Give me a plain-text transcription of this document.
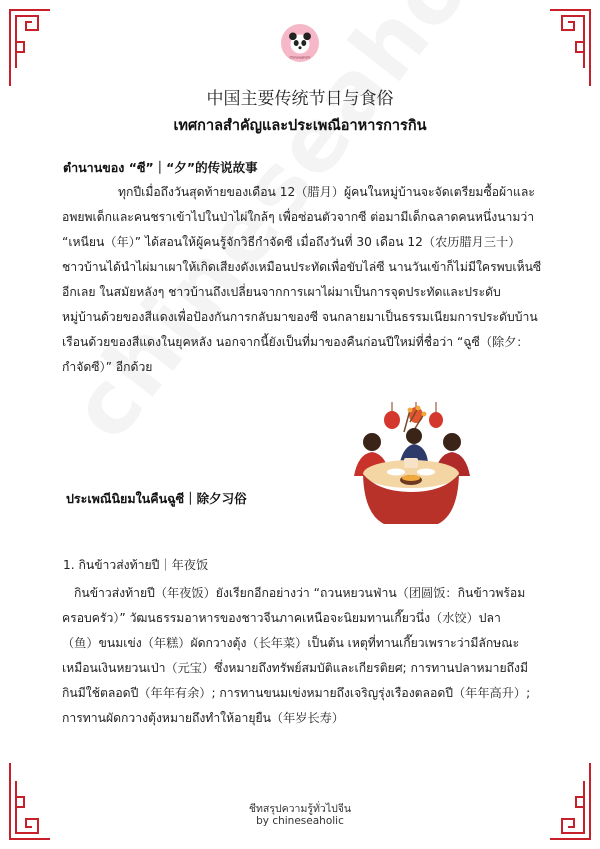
Chineseaholic
中国主要传统节日与食俗
เทศกาลสำคัญและประเพณีอาหารการกิน
ตำนานของ “ซี”｜“夕”的传说故事
ทุกปีเมื่อถึงวันสุดท้ายของเดือน 12（腊月）ผู้คนในหมู่บ้านจะจัดเตรียมซื้อผ้าและ
อพยพเด็กและคนชราเข้าไปในป่าไผ่ใกล้ๆ เพื่อซ่อนตัวจากซี ต่อมามีเด็กฉลาดคนหนึ่งนามว่า
“เหนียน（年）” ได้สอนให้ผู้คนรู้จักวิธีกำจัดซี เมื่อถึงวันที่ 30 เดือน 12（农历腊月三十）
ชาวบ้านได้นำไผ่มาเผาให้เกิดเสียงดังเหมือนประทัดเพื่อขับไล่ซี นานวันเข้าก็ไม่มีใครพบเห็นซี
อีกเลย ในสมัยหลังๆ ชาวบ้านถึงเปลี่ยนจากการเผาไผ่มาเป็นการจุดประทัดและประดับ
หมู่บ้านด้วยของสีแดงเพื่อป้องกันการกลับมาของซี จนกลายมาเป็นธรรมเนียมการประดับบ้าน
เรือนด้วยของสีแดงในยุคหลัง นอกจากนี้ยังเป็นที่มาของคืนก่อนปีใหม่ที่ชื่อว่า “ฉูซี（除夕：
กำจัดซี）” อีกด้วย
ประเพณีนิยมในคืนฉูซี｜除夕习俗
1. กินข้าวส่งท้ายปี｜年夜饭
กินข้าวส่งท้ายปี（年夜饭）ยังเรียกอีกอย่างว่า “ถวนหยวนฟ่าน（团圆饭：กินข้าวพร้อม
ครอบครัว）” วัฒนธรรมอาหารของชาวจีนภาคเหนือจะนิยมทานเกี๊ยวนึ่ง（水饺）ปลา
（鱼）ขนมเข่ง（年糕）ผัดกวางตุ้ง（长年菜）เป็นต้น เหตุที่ทานเกี๊ยวเพราะว่ามีลักษณะ
เหมือนเงินหยวนเป่า（元宝）ซึ่งหมายถึงทรัพย์สมบัติและเกียรติยศ; การทานปลาหมายถึงมี
กินมีใช้ตลอดปี（年年有余）; การทานขนมเข่งหมายถึงเจริญรุ่งเรืองตลอดปี（年年高升）;
การทานผัดกวางตุ้งหมายถึงทำให้อายุยืน（年岁长寿）
ชีทสรุปความรู้ทั่วไปจีน
by chineseaholic
